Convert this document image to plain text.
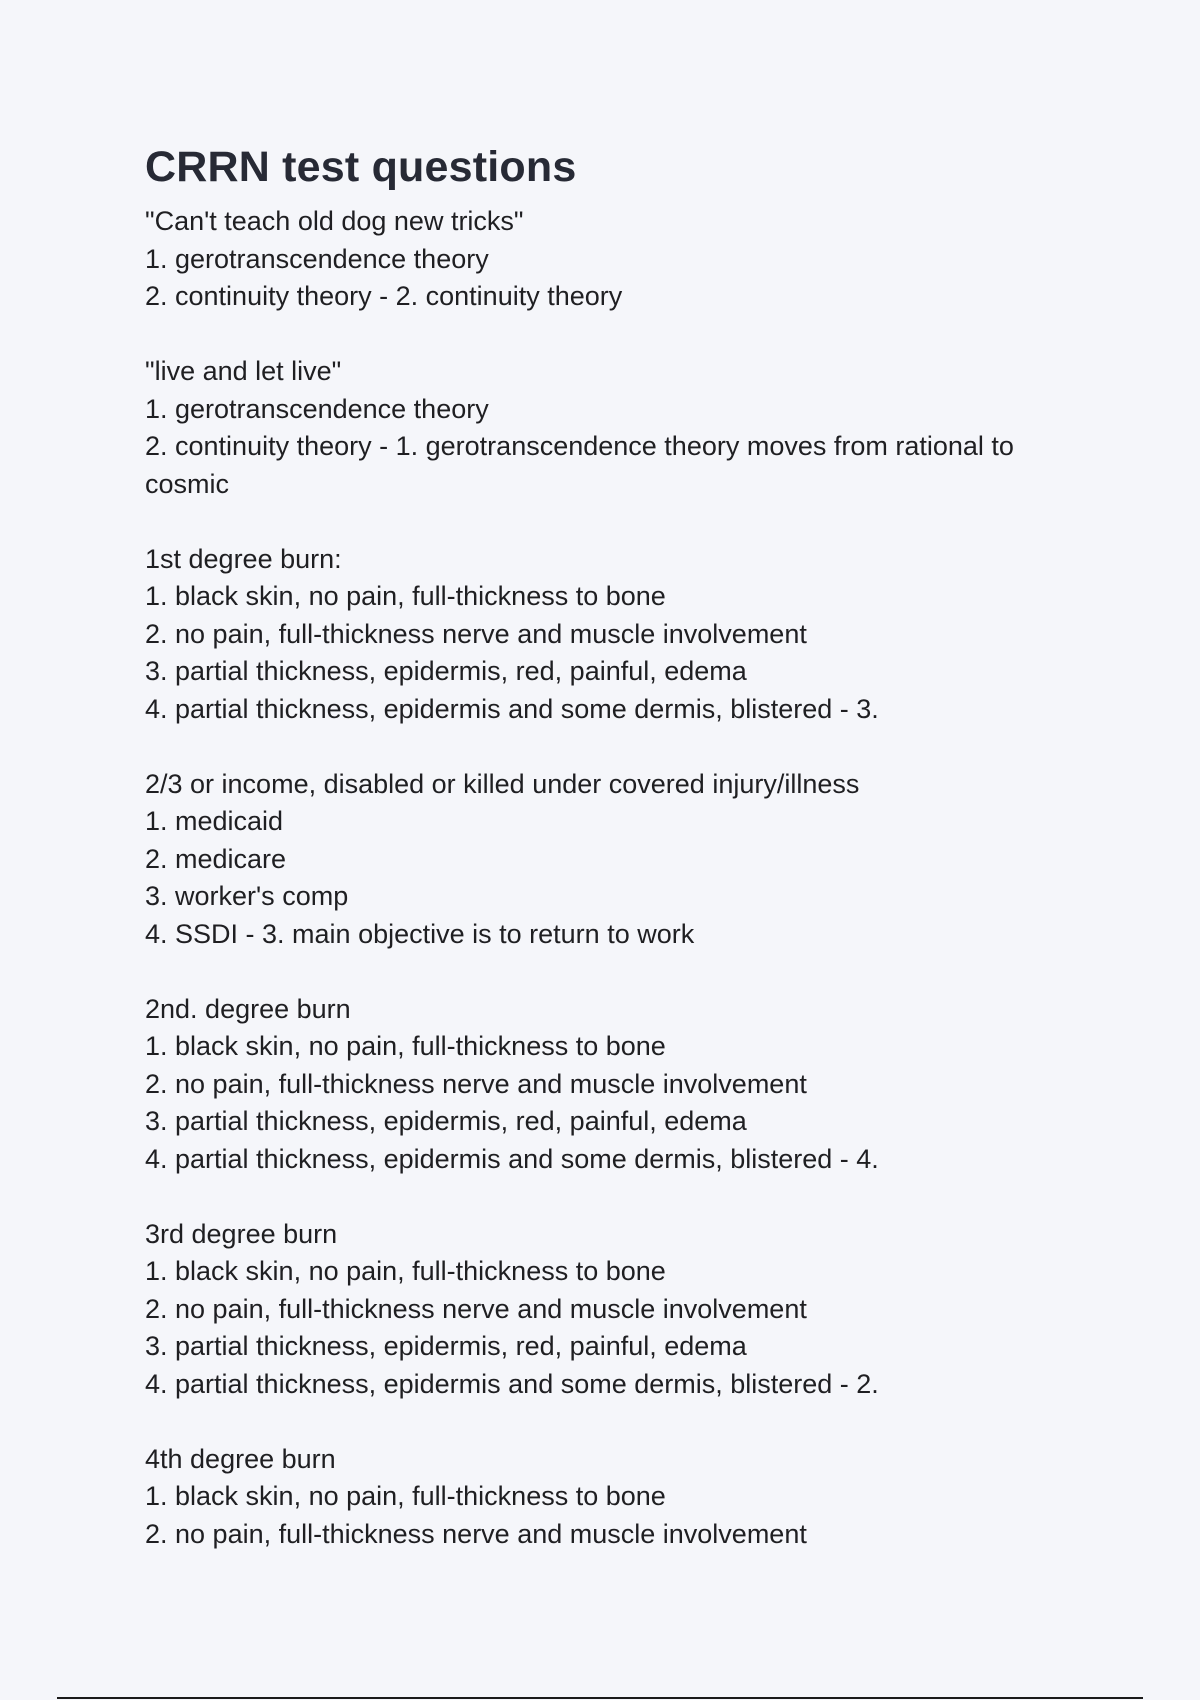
CRRN test questions
"Can't teach old dog new tricks"
1. gerotranscendence theory
2. continuity theory - 2. continuity theory
"live and let live"
1. gerotranscendence theory
2. continuity theory - 1. gerotranscendence theory moves from rational to cosmic
1st degree burn:
1. black skin, no pain, full-thickness to bone
2. no pain, full-thickness nerve and muscle involvement
3. partial thickness, epidermis, red, painful, edema
4. partial thickness, epidermis and some dermis, blistered - 3.
2/3 or income, disabled or killed under covered injury/illness
1. medicaid
2. medicare
3. worker's comp
4. SSDI - 3. main objective is to return to work
2nd. degree burn
1. black skin, no pain, full-thickness to bone
2. no pain, full-thickness nerve and muscle involvement
3. partial thickness, epidermis, red, painful, edema
4. partial thickness, epidermis and some dermis, blistered - 4.
3rd degree burn
1. black skin, no pain, full-thickness to bone
2. no pain, full-thickness nerve and muscle involvement
3. partial thickness, epidermis, red, painful, edema
4. partial thickness, epidermis and some dermis, blistered - 2.
4th degree burn
1. black skin, no pain, full-thickness to bone
2. no pain, full-thickness nerve and muscle involvement
